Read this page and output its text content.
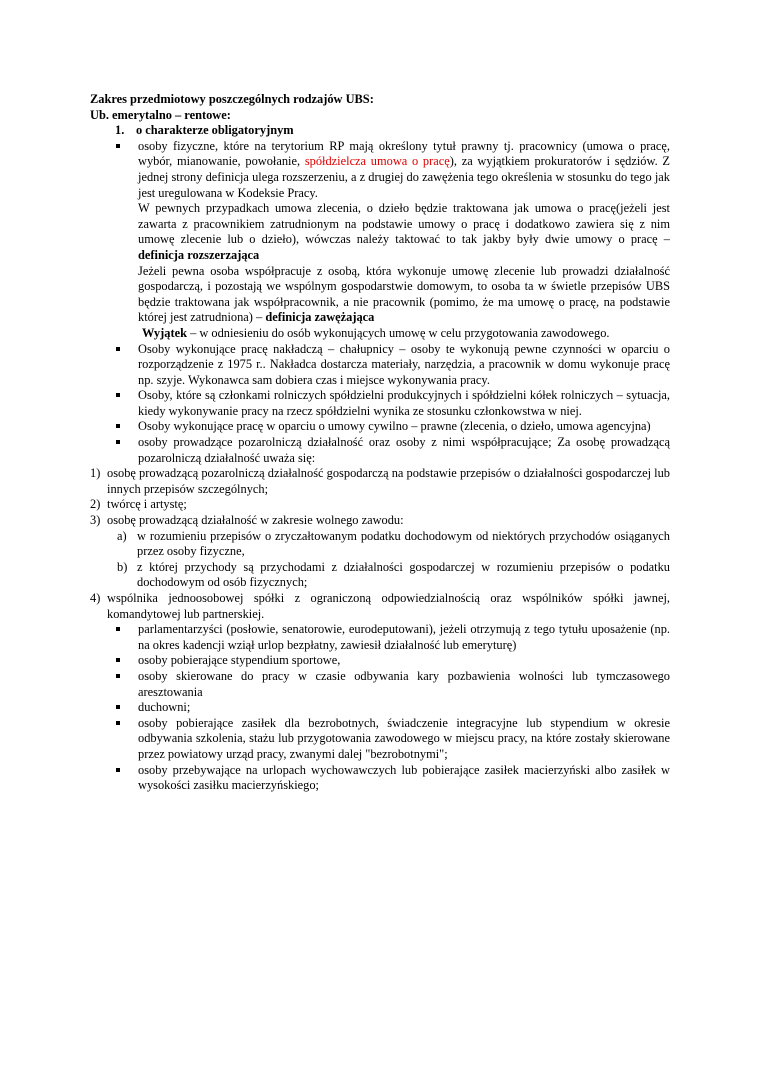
Zakres przedmiotowy poszczególnych rodzajów UBS:

Ub. emerytalno – rentowe:

1. o charakterze obligatoryjnym
osoby fizyczne, które na terytorium RP mają określony tytuł prawny tj. pracownicy (umowa o pracę, wybór, mianowanie, powołanie, spółdzielcza umowa o pracę), za wyjątkiem prokuratorów i sędziów. Z jednej strony definicja ulega rozszerzeniu, a z drugiej do zawężenia tego określenia w stosunku do tego jak jest uregulowana w Kodeksie Pracy.

W pewnych przypadkach umowa zlecenia, o dzieło będzie traktowana jak umowa o pracę(jeżeli jest zawarta z pracownikiem zatrudnionym na podstawie umowy o pracę i dodatkowo zawiera się z nim umowę zlecenie lub o dzieło), wówczas należy taktować to tak jakby były dwie umowy o pracę – definicja rozszerzająca

Jeżeli pewna osoba współpracuje z osobą, która wykonuje umowę zlecenie lub prowadzi działalność gospodarczą, i pozostają we wspólnym gospodarstwie domowym, to osoba ta w świetle przepisów UBS będzie traktowana jak współpracownik, a nie pracownik (pomimo, że ma umowę o pracę, na podstawie której jest zatrudniona) – definicja zawężająca

Wyjątek – w odniesieniu do osób wykonujących umowę w celu przygotowania zawodowego.

Osoby wykonujące pracę nakładczą – chałupnicy – osoby te wykonują pewne czynności w oparciu o rozporządzenie z 1975 r.. Nakładca dostarcza materiały, narzędzia, a pracownik w domu wykonuje pracę np. szyje. Wykonawca sam dobiera czas i miejsce wykonywania pracy.
Osoby, które są członkami rolniczych spółdzielni produkcyjnych i spółdzielni kółek rolniczych – sytuacja, kiedy wykonywanie pracy na rzecz spółdzielni wynika ze stosunku członkowstwa w niej.
Osoby wykonujące pracę w oparciu o umowy cywilno – prawne (zlecenia, o dzieło, umowa agencyjna)
osoby prowadzące pozarolniczą działalność oraz osoby z nimi współpracujące; Za osobę prowadzącą pozarolniczą działalność uważa się:
1) osobę prowadzącą pozarolniczą działalność gospodarczą na podstawie przepisów o działalności gospodarczej lub innych przepisów szczególnych;
2) twórcę i artystę;
3) osobę prowadzącą działalność w zakresie wolnego zawodu:
a) w rozumieniu przepisów o zryczałtowanym podatku dochodowym od niektórych przychodów osiąganych przez osoby fizyczne,
b) z której przychody są przychodami z działalności gospodarczej w rozumieniu przepisów o podatku dochodowym od osób fizycznych;
4) wspólnika jednoosobowej spółki z ograniczoną odpowiedzialnością oraz wspólników spółki jawnej, komandytowej lub partnerskiej.
parlamentarzyści (posłowie, senatorowie, eurodeputowani), jeżeli otrzymują z tego tytułu uposażenie (np. na okres kadencji wziął urlop bezpłatny, zawiesił działalność lub emeryturę)
osoby pobierające stypendium sportowe,
osoby skierowane do pracy w czasie odbywania kary pozbawienia wolności lub tymczasowego aresztowania
duchowni;
osoby pobierające zasiłek dla bezrobotnych, świadczenie integracyjne lub stypendium w okresie odbywania szkolenia, stażu lub przygotowania zawodowego w miejscu pracy, na które zostały skierowane przez powiatowy urząd pracy, zwanymi dalej "bezrobotnymi";
osoby przebywające na urlopach wychowawczych lub pobierające zasiłek macierzyński albo zasiłek w wysokości zasiłku macierzyńskiego;
